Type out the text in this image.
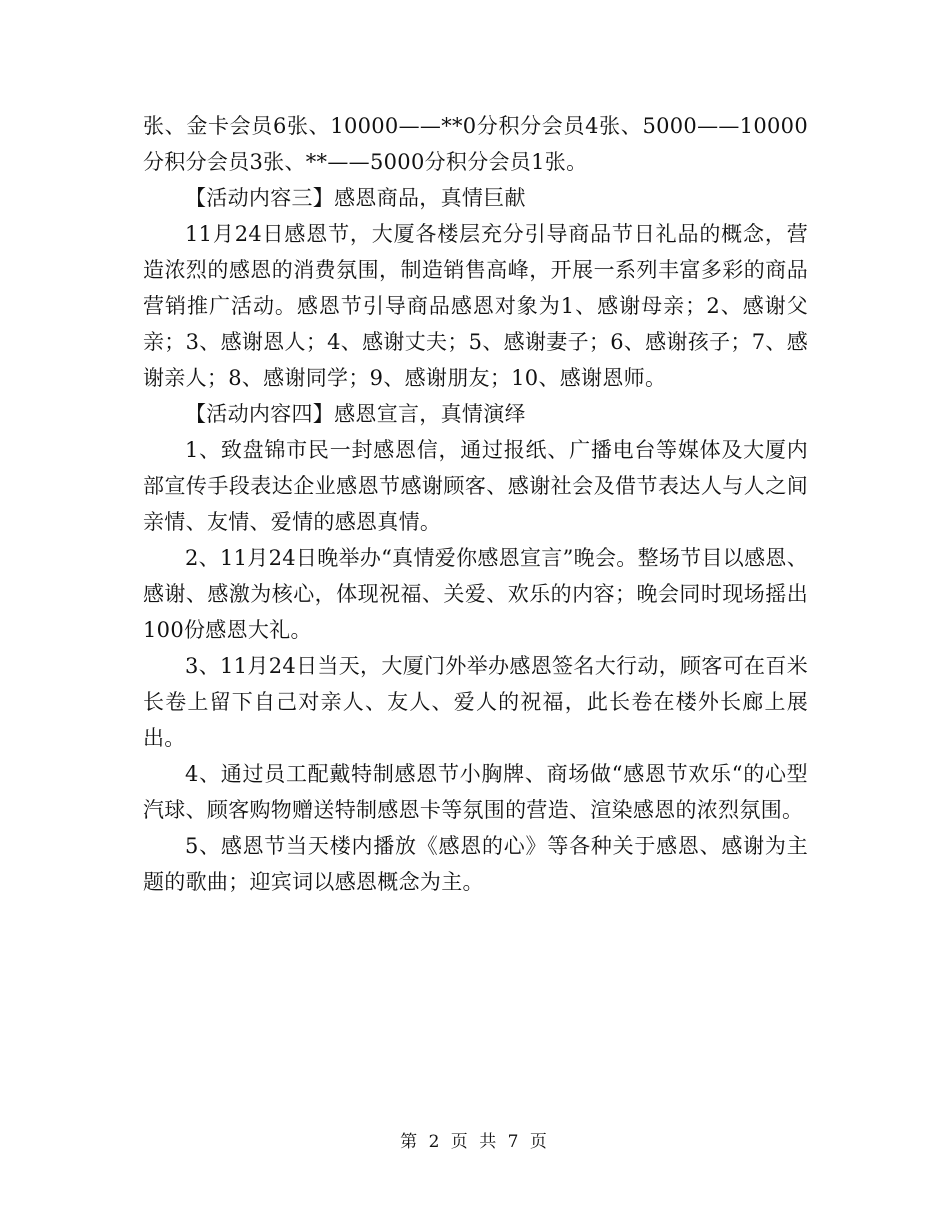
张、金卡会员6张、10000——**0分积分会员4张、5000——10000分积分会员3张、**——5000分积分会员1张。

【活动内容三】感恩商品，真情巨献

11月24日感恩节，大厦各楼层充分引导商品节日礼品的概念，营造浓烈的感恩的消费氛围，制造销售高峰，开展一系列丰富多彩的商品营销推广活动。感恩节引导商品感恩对象为1、感谢母亲；2、感谢父亲；3、感谢恩人；4、感谢丈夫；5、感谢妻子；6、感谢孩子；7、感谢亲人；8、感谢同学；9、感谢朋友；10、感谢恩师。

【活动内容四】感恩宣言，真情演绎

1、致盘锦市民一封感恩信，通过报纸、广播电台等媒体及大厦内部宣传手段表达企业感恩节感谢顾客、感谢社会及借节表达人与人之间亲情、友情、爱情的感恩真情。

2、11月24日晚举办“真情爱你感恩宣言”晚会。整场节目以感恩、感谢、感激为核心，体现祝福、关爱、欢乐的内容；晚会同时现场摇出100份感恩大礼。

3、11月24日当天，大厦门外举办感恩签名大行动，顾客可在百米长卷上留下自己对亲人、友人、爱人的祝福，此长卷在楼外长廊上展出。

4、通过员工配戴特制感恩节小胸牌、商场做“感恩节欢乐“的心型汽球、顾客购物赠送特制感恩卡等氛围的营造、渲染感恩的浓烈氛围。

5、感恩节当天楼内播放《感恩的心》等各种关于感恩、感谢为主题的歌曲；迎宾词以感恩概念为主。

第 2 页 共 7 页
